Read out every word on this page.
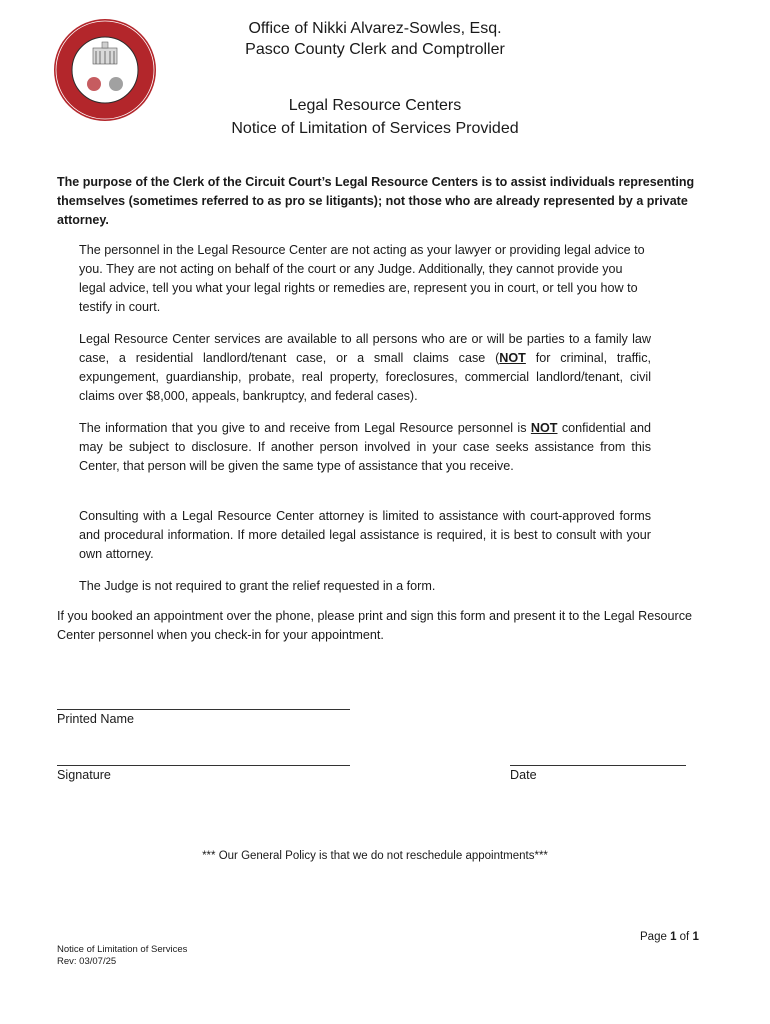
Office of Nikki Alvarez-Sowles, Esq.
Pasco County Clerk and Comptroller
Legal Resource Centers
Notice of Limitation of Services Provided
The purpose of the Clerk of the Circuit Court’s Legal Resource Centers is to assist individuals representing themselves (sometimes referred to as pro se litigants); not those who are already represented by a private attorney.

The personnel in the Legal Resource Center are not acting as your lawyer or providing legal advice to you. They are not acting on behalf of the court or any Judge. Additionally, they cannot provide you legal advice, tell you what your legal rights or remedies are, represent you in court, or tell you how to testify in court.

Legal Resource Center services are available to all persons who are or will be parties to a family law case, a residential landlord/tenant case, or a small claims case (NOT for criminal, traffic, expungement, guardianship, probate, real property, foreclosures, commercial landlord/tenant, civil claims over $8,000, appeals, bankruptcy, and federal cases).

The information that you give to and receive from Legal Resource personnel is NOT confidential and may be subject to disclosure. If another person involved in your case seeks assistance from this Center, that person will be given the same type of assistance that you receive.

Consulting with a Legal Resource Center attorney is limited to assistance with court-approved forms and procedural information. If more detailed legal assistance is required, it is best to consult with your own attorney.

The Judge is not required to grant the relief requested in a form.

If you booked an appointment over the phone, please print and sign this form and present it to the Legal Resource Center personnel when you check-in for your appointment.
Printed Name
Signature	Date
*** Our General Policy is that we do not reschedule appointments***
Page 1 of 1
Notice of Limitation of Services
Rev: 03/07/25
